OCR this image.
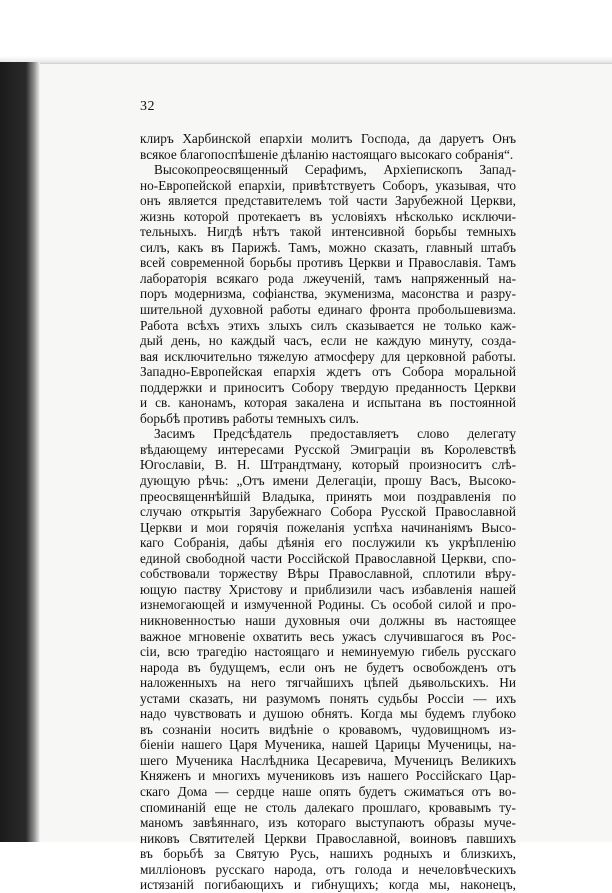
32
клиръ Харбинской епархіи молитъ Господа, да даруетъ Онъ
всякое благопоспѣшеніе дѣланію настоящаго высокаго собранія“.
Высокопреосвященный Серафимъ, Архіепископъ Запад-
но-Европейской епархіи, привѣтствуетъ Соборъ, указывая, что
онъ является представителемъ той части Зарубежной Церкви,
жизнь которой протекаетъ въ условіяхъ нѣсколько исключи-
тельныхъ. Нигдѣ нѣтъ такой интенсивной борьбы темныхъ
силъ, какъ въ Парижѣ. Тамъ, можно сказать, главный штабъ
всей современной борьбы противъ Церкви и Православія. Тамъ
лабораторія всякаго рода лжеученій, тамъ напряженный на-
поръ модернизма, софіанства, экуменизма, масонства и разру-
шительной духовной работы единаго фронта пробольшевизма.
Работа всѣхъ этихъ злыхъ силъ сказывается не только каж-
дый день, но каждый часъ, если не каждую минуту, созда-
вая исключительно тяжелую атмосферу для церковной работы.
Западно-Европейская епархія ждетъ отъ Собора моральной
поддержки и приноситъ Собору твердую преданность Церкви
и св. канонамъ, которая закалена и испытана въ постоянной
борьбѣ противъ работы темныхъ силъ.
Засимъ Предсѣдатель предоставляетъ слово делегату
вѣдающему интересами Русской Эмиграціи въ Королевствѣ
Югославіи, В. Н. Штрандтману, который произноситъ слѣ-
дующую рѣчь: „Отъ имени Делегаціи, прошу Васъ, Высоко-
преосвященнѣйшій Владыка, принять мои поздравленія по
случаю открытія Зарубежнаго Собора Русской Православной
Церкви и мои горячія пожеланія успѣха начинаніямъ Высо-
каго Собранія, дабы дѣянія его послужили къ укрѣпленію
единой свободной части Россійской Православной Церкви, спо-
собствовали торжеству Вѣры Православной, сплотили вѣру-
ющую паству Христову и приблизили часъ избавленія нашей
изнемогающей и измученной Родины. Съ особой силой и про-
никновенностью наши духовныя очи должны въ настоящее
важное мгновеніе охватить весь ужасъ случившагося въ Рос-
сіи, всю трагедію настоящаго и неминуемую гибель русскаго
народа въ будущемъ, если онъ не будетъ освобожденъ отъ
наложенныхъ на него тягчайшихъ цѣпей дьявольскихъ. Ни
устами сказать, ни разумомъ понять судьбы Россіи — ихъ
надо чувствовать и душою обнять. Когда мы будемъ глубоко
въ сознаніи носить видѣніе о кровавомъ, чудовищномъ из-
біеніи нашего Царя Мученика, нашей Царицы Мученицы, на-
шего Мученика Наслѣдника Цесаревича, Мученицъ Великихъ
Княженъ и многихъ мучениковъ изъ нашего Россійскаго Цар-
скаго Дома — сердце наше опять будетъ сжиматься отъ во-
споминаній еще не столь далекаго прошлаго, кровавымъ ту-
маномъ завѣяннаго, изъ котораго выступаютъ образы муче-
никовъ Святителей Церкви Православной, воиновъ павшихъ
въ борьбѣ за Святую Русь, нашихъ родныхъ и близкихъ,
милліоновъ русскаго народа, отъ голода и нечеловѣческихъ
истязаній погибающихъ и гибнущихъ; когда мы, наконецъ,
